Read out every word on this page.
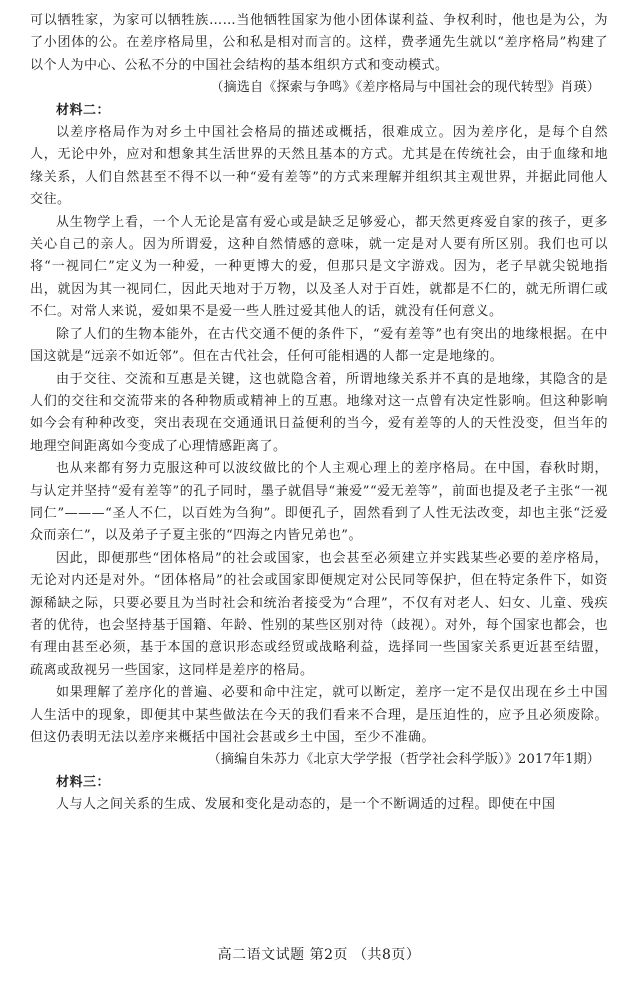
可以牺牲家，为家可以牺牲族……当他牺牲国家为他小团体谋利益、争权利时，他也是为公，为了小团体的公。在差序格局里，公和私是相对而言的。这样，费孝通先生就以“差序格局”构建了以个人为中心、公私不分的中国社会结构的基本组织方式和变动模式。

（摘选自《探索与争鸣》《差序格局与中国社会的现代转型》肖瑛）

材料二：

以差序格局作为对乡土中国社会格局的描述或概括，很难成立。因为差序化，是每个自然人，无论中外，应对和想象其生活世界的天然且基本的方式。尤其是在传统社会，由于血缘和地缘关系，人们自然甚至不得不以一种“爱有差等”的方式来理解并组织其主观世界，并据此同他人交往。

从生物学上看，一个人无论是富有爱心或是缺乏足够爱心，都天然更疼爱自家的孩子，更多关心自己的亲人。因为所谓爱，这种自然情感的意味，就一定是对人要有所区别。我们也可以将“一视同仁”定义为一种爱，一种更博大的爱，但那只是文字游戏。因为，老子早就尖锐地指出，就因为其一视同仁，因此天地对于万物，以及圣人对于百姓，就都是不仁的，就无所谓仁或不仁。对常人来说，爱如果不是爱一些人胜过爱其他人的话，就没有任何意义。

除了人们的生物本能外，在古代交通不便的条件下，“爱有差等”也有突出的地缘根据。在中国这就是“远亲不如近邻”。但在古代社会，任何可能相遇的人都一定是地缘的。

由于交往、交流和互惠是关键，这也就隐含着，所谓地缘关系并不真的是地缘，其隐含的是人们的交往和交流带来的各种物质或精神上的互惠。地缘对这一点曾有决定性影响。但这种影响如今会有种种改变，突出表现在交通通讯日益便利的当今，爱有差等的人的天性没变，但当年的地理空间距离如今变成了心理情感距离了。

也从来都有努力克服这种可以波纹做比的个人主观心理上的差序格局。在中国，春秋时期，与认定并坚持“爱有差等”的孔子同时，墨子就倡导“兼爱”“爱无差等”，前面也提及老子主张“一视同仁”———“圣人不仁，以百姓为刍狗”。即便孔子，固然看到了人性无法改变，却也主张“泛爱众而亲仁”，以及弟子子夏主张的“四海之内皆兄弟也”。

因此，即便那些“团体格局”的社会或国家，也会甚至必须建立并实践某些必要的差序格局，无论对内还是对外。“团体格局”的社会或国家即便规定对公民同等保护，但在特定条件下，如资源稀缺之际，只要必要且为当时社会和统治者接受为“合理”，不仅有对老人、妇女、儿童、残疾者的优待，也会坚持基于国籍、年龄、性别的某些区别对待（歧视）。对外，每个国家也都会，也有理由甚至必须，基于本国的意识形态或经贸或战略利益，选择同一些国家关系更近甚至结盟，疏离或敌视另一些国家，这同样是差序的格局。

如果理解了差序化的普遍、必要和命中注定，就可以断定，差序一定不是仅出现在乡土中国人生活中的现象，即便其中某些做法在今天的我们看来不合理，是压迫性的，应予且必须废除。但这仍表明无法以差序来概括中国社会甚或乡土中国，至少不准确。

（摘编自朱苏力《北京大学学报（哲学社会科学版）》2017年1期）

材料三：

人与人之间关系的生成、发展和变化是动态的，是一个不断调适的过程。即使在中国

高二语文试题 第2页 （共8页）
